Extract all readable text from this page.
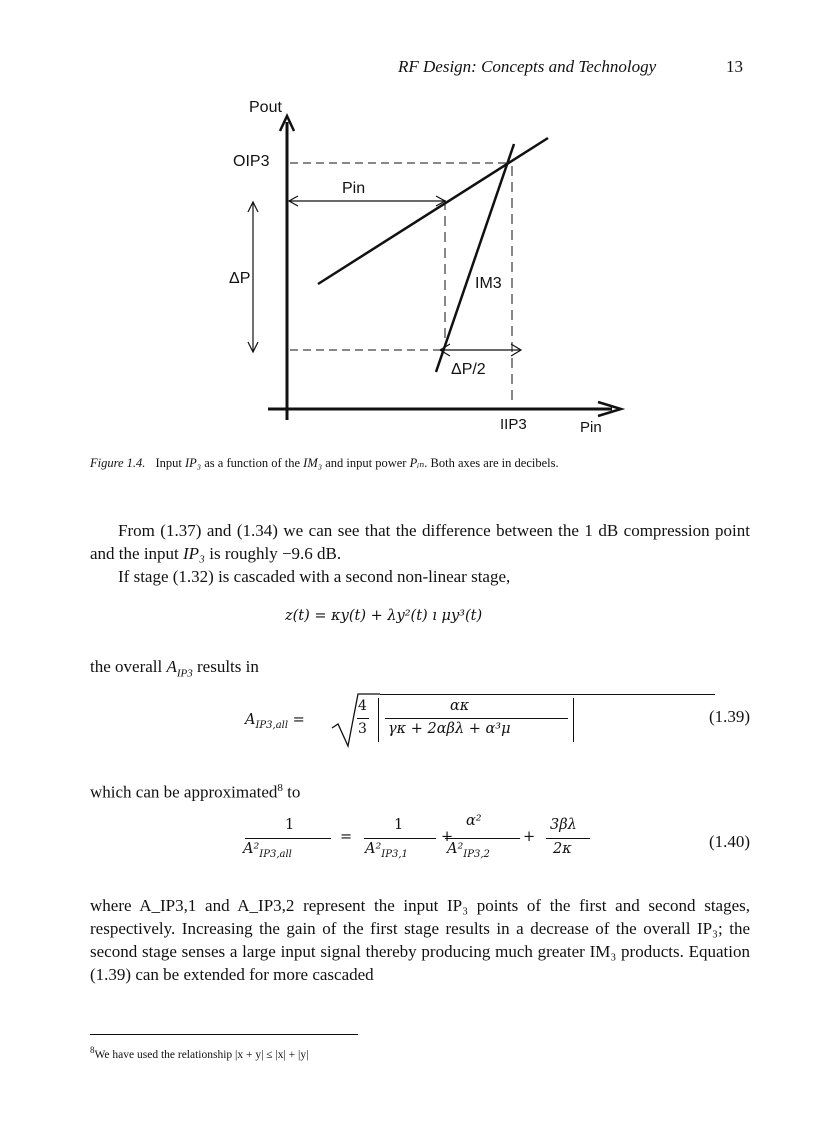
RF Design: Concepts and Technology	13
Pout
OIP3
Pin
ΔP	IM3
ΔP/2
IIP3	Pin
Figure 1.4. Input IP₃ as a function of the IM₃ and input power Pᵢₙ. Both axes are in decibels.
From (1.37) and (1.34) we can see that the difference between the 1 dB compression point and the input IP₃ is roughly −9.6 dB.
If stage (1.32) is cascaded with a second non-linear stage,
z(t) = κy(t) + λy²(t) ı μy³(t)
the overall $A_{IP3}$ results in
$A_{IP3,all}$ =
4
3
ακ
γκ + 2αβλ + α³μ
(1.39)
which can be approximated$^8$ to
1
$A^2_{IP3,all}$
=
1
$A^2_{IP3,1}$
+
α²
$A^2_{IP3,2}$
+
3βλ
2κ	(1.40)
where A_IP3,1 and A_IP3,2 represent the input IP₃ points of the first and second stages, respectively. Increasing the gain of the first stage results in a decrease of the overall IP₃; the second stage senses a large input signal thereby producing much greater IM₃ products. Equation (1.39) can be extended for more cascaded
$^8$We have used the relationship |x + y| ≤ |x| + |y|
